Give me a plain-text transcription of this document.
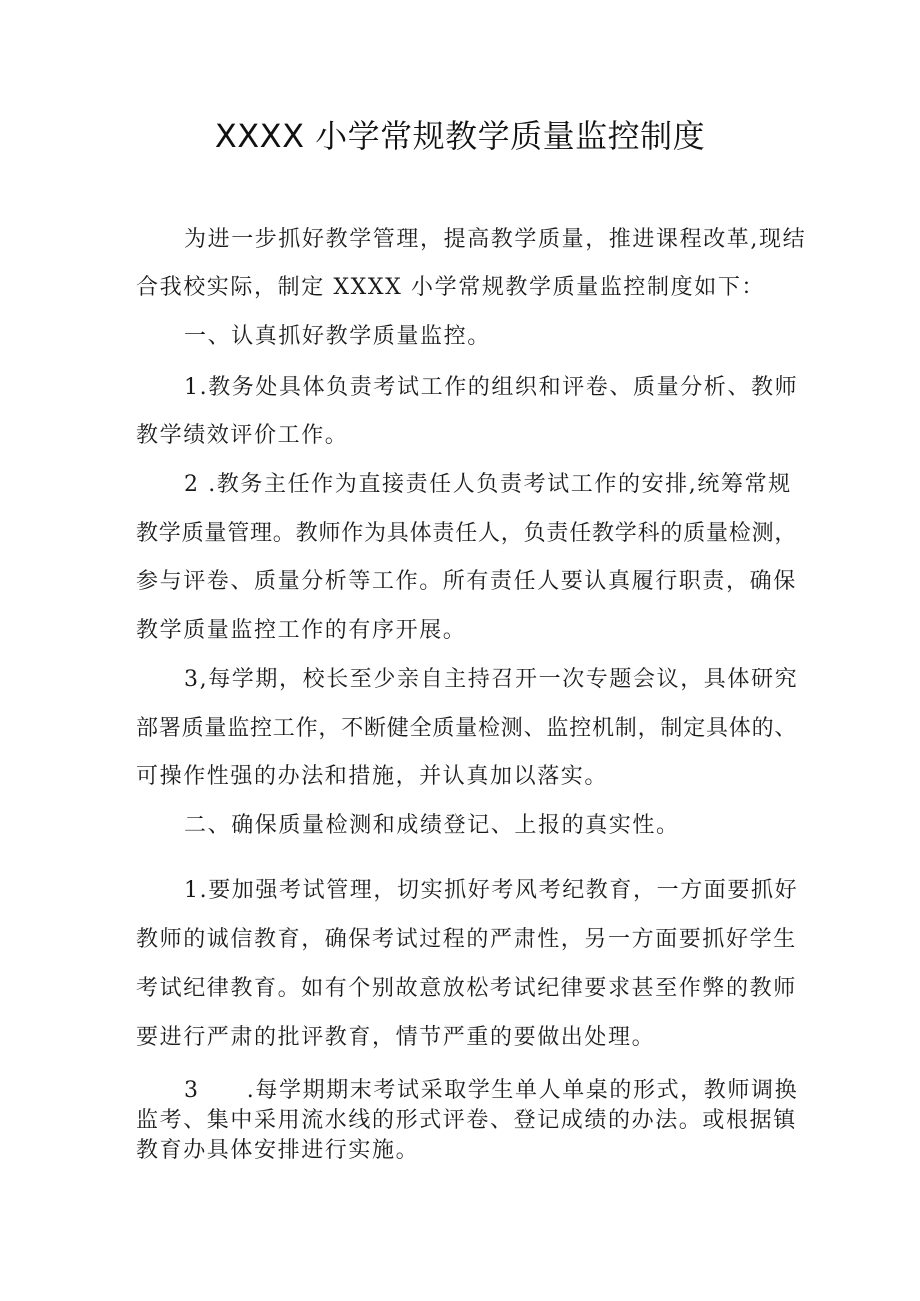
XXXX 小学常规教学质量监控制度
为进一步抓好教学管理，提高教学质量，推进课程改革,现结
合我校实际，制定 XXXX 小学常规教学质量监控制度如下：
一、认真抓好教学质量监控。
1.教务处具体负责考试工作的组织和评卷、质量分析、教师
教学绩效评价工作。
2 .教务主任作为直接责任人负责考试工作的安排,统筹常规
教学质量管理。教师作为具体责任人，负责任教学科的质量检测，
参与评卷、质量分析等工作。所有责任人要认真履行职责，确保
教学质量监控工作的有序开展。
3,每学期，校长至少亲自主持召开一次专题会议，具体研究
部署质量监控工作，不断健全质量检测、监控机制，制定具体的、
可操作性强的办法和措施，并认真加以落实。
二、确保质量检测和成绩登记、上报的真实性。
1.要加强考试管理，切实抓好考风考纪教育，一方面要抓好
教师的诚信教育，确保考试过程的严肃性，另一方面要抓好学生
考试纪律教育。如有个别故意放松考试纪律要求甚至作弊的教师
要进行严肃的批评教育，情节严重的要做出处理。
3　　.每学期期末考试采取学生单人单桌的形式，教师调换
监考、集中采用流水线的形式评卷、登记成绩的办法。或根据镇
教育办具体安排进行实施。
